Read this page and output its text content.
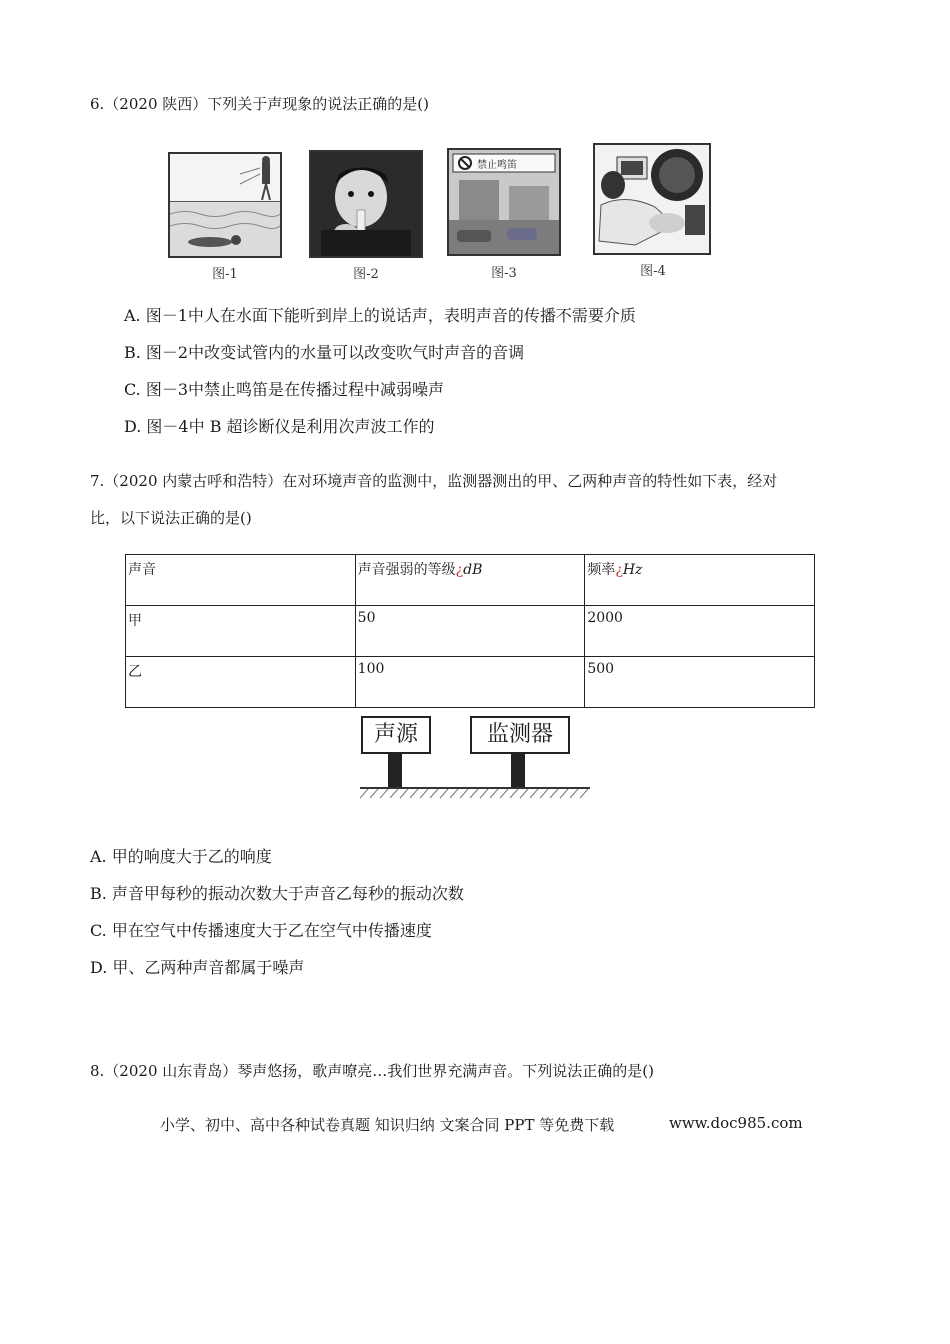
6.（2020 陕西）下列关于声现象的说法正确的是()
图-1	图-2
禁止鸣笛
图-3	图-4
A. 图－1中人在水面下能听到岸上的说话声，表明声音的传播不需要介质
B. 图－2中改变试管内的水量可以改变吹气时声音的音调
C. 图－3中禁止鸣笛是在传播过程中减弱噪声
D. 图－4中 B 超诊断仪是利用次声波工作的
7.（2020 内蒙古呼和浩特）在对环境声音的监测中，监测器测出的甲、乙两种声音的特性如下表，经对
比，以下说法正确的是()
声音	声音强弱的等级¿dB	频率¿Hz
甲	50	2000
乙	100	500
声源	监测器
A. 甲的响度大于乙的响度
B. 声音甲每秒的振动次数大于声音乙每秒的振动次数
C. 甲在空气中传播速度大于乙在空气中传播速度
D. 甲、乙两种声音都属于噪声
8.（2020 山东青岛）琴声悠扬，歌声嘹亮…我们世界充满声音。下列说法正确的是()
小学、初中、高中各种试卷真题 知识归纳 文案合同 PPT 等免费下载	www.doc985.com
